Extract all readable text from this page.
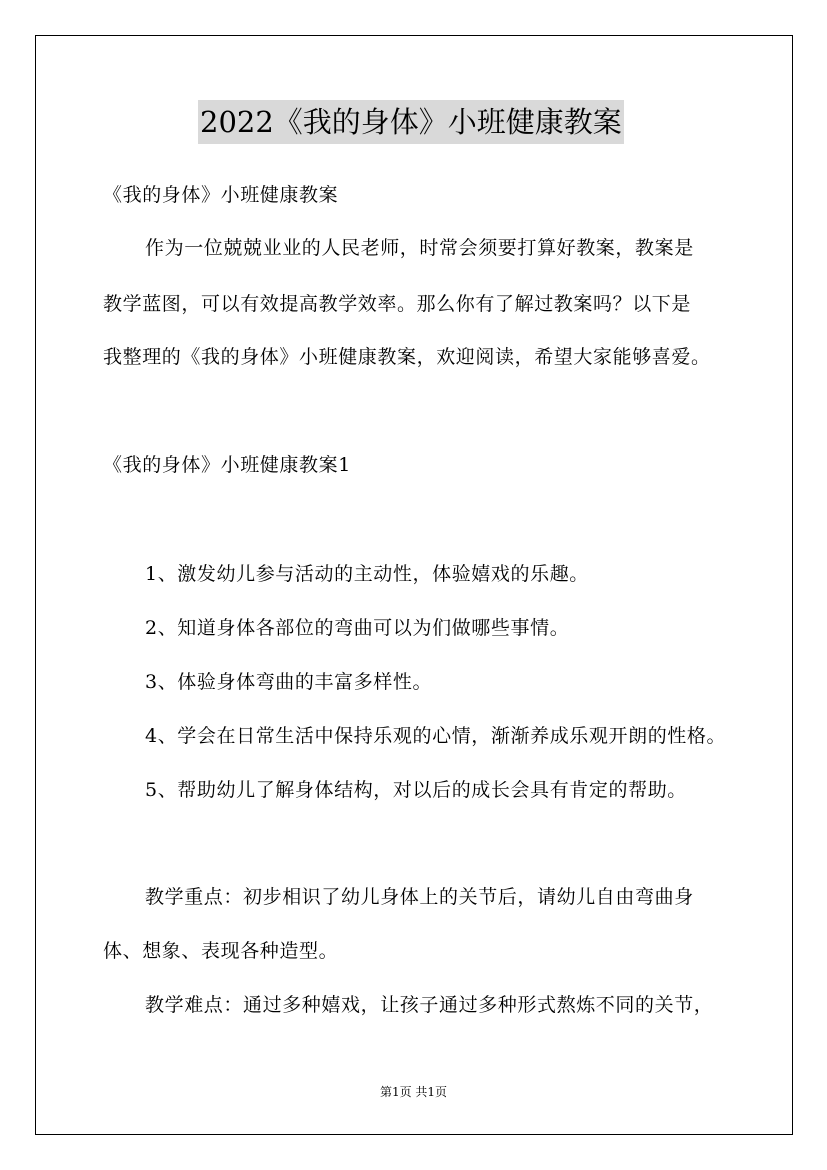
2022《我的身体》小班健康教案
《我的身体》小班健康教案
作为一位兢兢业业的人民老师，时常会须要打算好教案，教案是
教学蓝图，可以有效提高教学效率。那么你有了解过教案吗？以下是
我整理的《我的身体》小班健康教案，欢迎阅读，希望大家能够喜爱。
《我的身体》小班健康教案1
1、激发幼儿参与活动的主动性，体验嬉戏的乐趣。
2、知道身体各部位的弯曲可以为们做哪些事情。
3、体验身体弯曲的丰富多样性。
4、学会在日常生活中保持乐观的心情，渐渐养成乐观开朗的性格。
5、帮助幼儿了解身体结构，对以后的成长会具有肯定的帮助。
教学重点：初步相识了幼儿身体上的关节后，请幼儿自由弯曲身
体、想象、表现各种造型。
教学难点：通过多种嬉戏，让孩子通过多种形式熬炼不同的关节，
第1页 共1页
